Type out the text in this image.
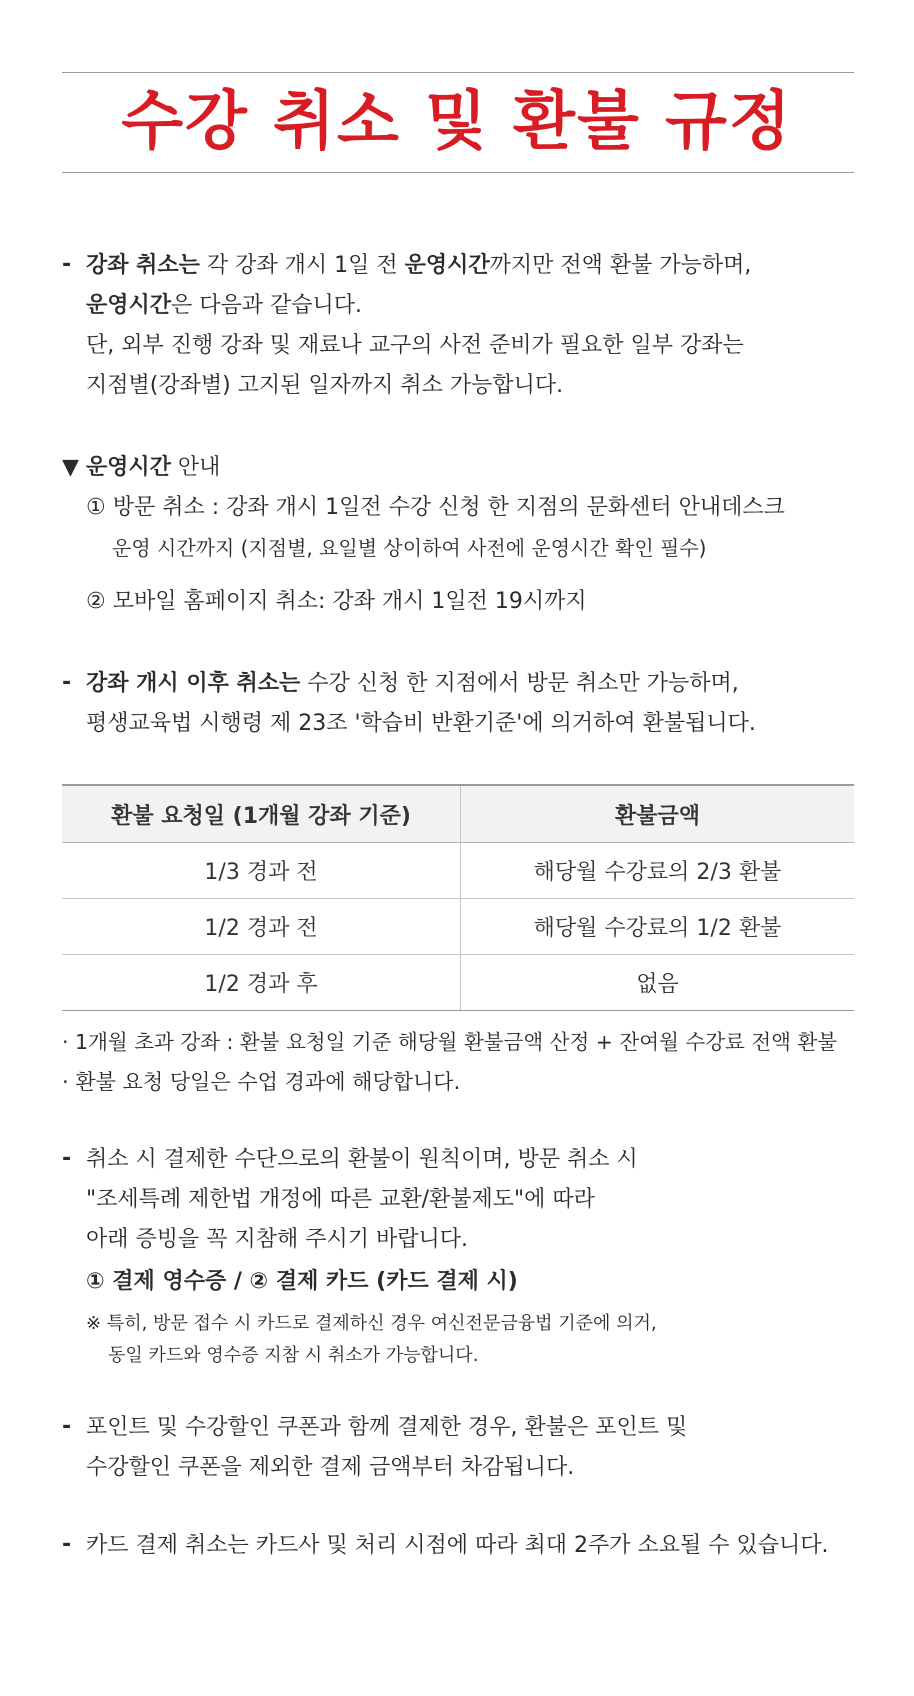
수강 취소 및 환불 규정
- 강좌 취소는 각 강좌 개시 1일 전 운영시간까지만 전액 환불 가능하며,
운영시간은 다음과 같습니다.
단, 외부 진행 강좌 및 재료나 교구의 사전 준비가 필요한 일부 강좌는
지점별(강좌별) 고지된 일자까지 취소 가능합니다.
▼ 운영시간 안내
① 방문 취소 : 강좌 개시 1일전 수강 신청 한 지점의 문화센터 안내데스크
운영 시간까지 (지점별, 요일별 상이하여 사전에 운영시간 확인 필수)
② 모바일 홈페이지 취소: 강좌 개시 1일전 19시까지
- 강좌 개시 이후 취소는 수강 신청 한 지점에서 방문 취소만 가능하며,
평생교육법 시행령 제 23조 '학습비 반환기준'에 의거하여 환불됩니다.
환불 요청일 (1개월 강좌 기준)	환불금액
1/3 경과 전	해당월 수강료의 2/3 환불
1/2 경과 전	해당월 수강료의 1/2 환불
1/2 경과 후	없음
· 1개월 초과 강좌 : 환불 요청일 기준 해당월 환불금액 산정 + 잔여월 수강료 전액 환불
· 환불 요청 당일은 수업 경과에 해당합니다.
- 취소 시 결제한 수단으로의 환불이 원칙이며, 방문 취소 시
"조세특례 제한법 개정에 따른 교환/환불제도"에 따라
아래 증빙을 꼭 지참해 주시기 바랍니다.
① 결제 영수증 / ② 결제 카드 (카드 결제 시)
※ 특히, 방문 접수 시 카드로 결제하신 경우 여신전문금융법 기준에 의거,
동일 카드와 영수증 지참 시 취소가 가능합니다.
- 포인트 및 수강할인 쿠폰과 함께 결제한 경우, 환불은 포인트 및
수강할인 쿠폰을 제외한 결제 금액부터 차감됩니다.
- 카드 결제 취소는 카드사 및 처리 시점에 따라 최대 2주가 소요될 수 있습니다.
